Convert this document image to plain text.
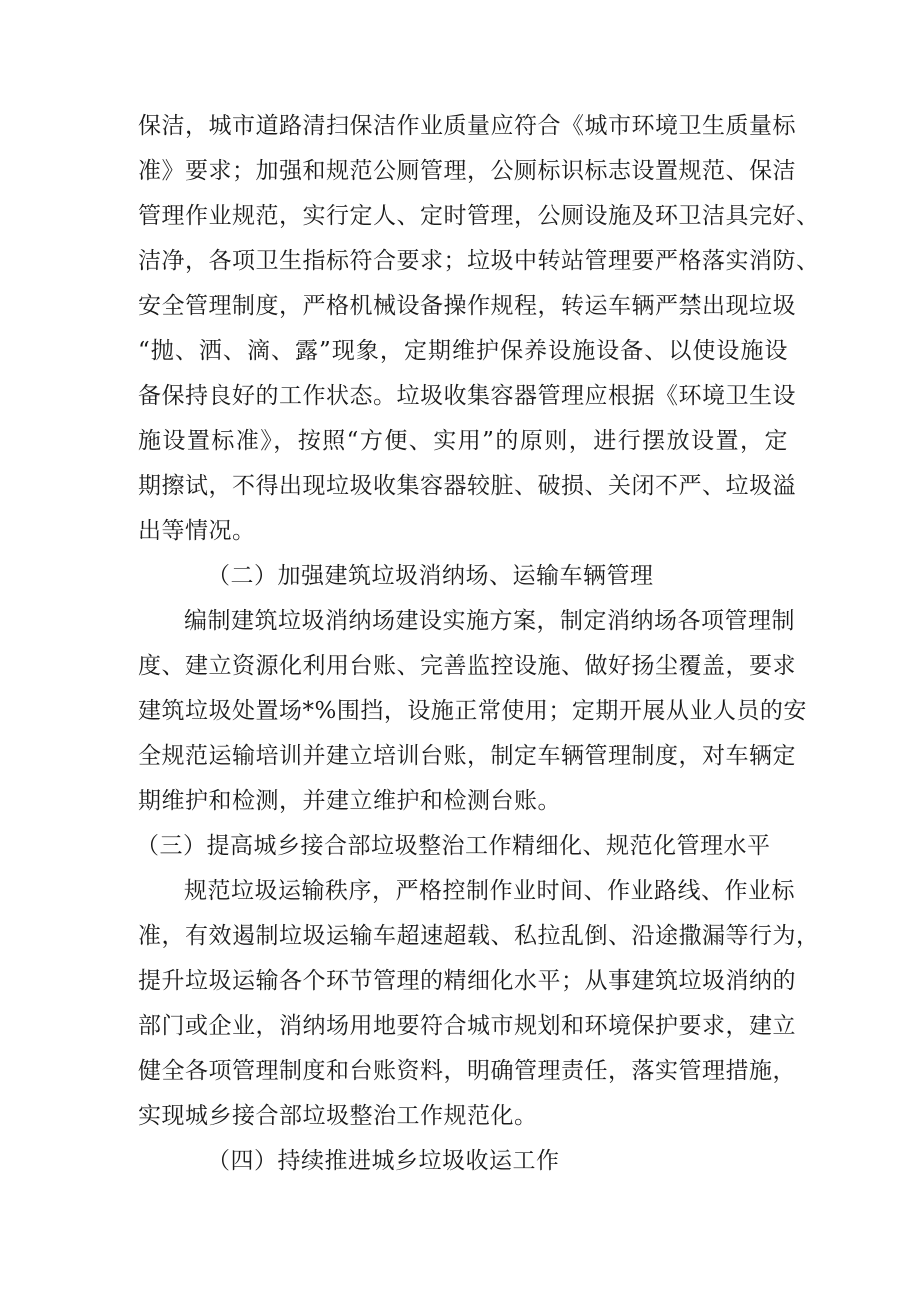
保洁，城市道路清扫保洁作业质量应符合《城市环境卫生质量标
准》要求；加强和规范公厕管理，公厕标识标志设置规范、保洁
管理作业规范，实行定人、定时管理，公厕设施及环卫洁具完好、
洁净，各项卫生指标符合要求；垃圾中转站管理要严格落实消防、
安全管理制度，严格机械设备操作规程，转运车辆严禁出现垃圾
“抛、洒、滴、露”现象，定期维护保养设施设备、以使设施设
备保持良好的工作状态。垃圾收集容器管理应根据《环境卫生设
施设置标准》，按照“方便、实用”的原则，进行摆放设置，定
期擦试，不得出现垃圾收集容器较脏、破损、关闭不严、垃圾溢
出等情况。
（二）加强建筑垃圾消纳场、运输车辆管理
编制建筑垃圾消纳场建设实施方案，制定消纳场各项管理制
度、建立资源化利用台账、完善监控设施、做好扬尘覆盖，要求
建筑垃圾处置场*%围挡，设施正常使用；定期开展从业人员的安
全规范运输培训并建立培训台账，制定车辆管理制度，对车辆定
期维护和检测，并建立维护和检测台账。
（三）提高城乡接合部垃圾整治工作精细化、规范化管理水平
规范垃圾运输秩序，严格控制作业时间、作业路线、作业标
准，有效遏制垃圾运输车超速超载、私拉乱倒、沿途撒漏等行为，
提升垃圾运输各个环节管理的精细化水平；从事建筑垃圾消纳的
部门或企业，消纳场用地要符合城市规划和环境保护要求，建立
健全各项管理制度和台账资料，明确管理责任，落实管理措施，
实现城乡接合部垃圾整治工作规范化。
（四）持续推进城乡垃圾收运工作
